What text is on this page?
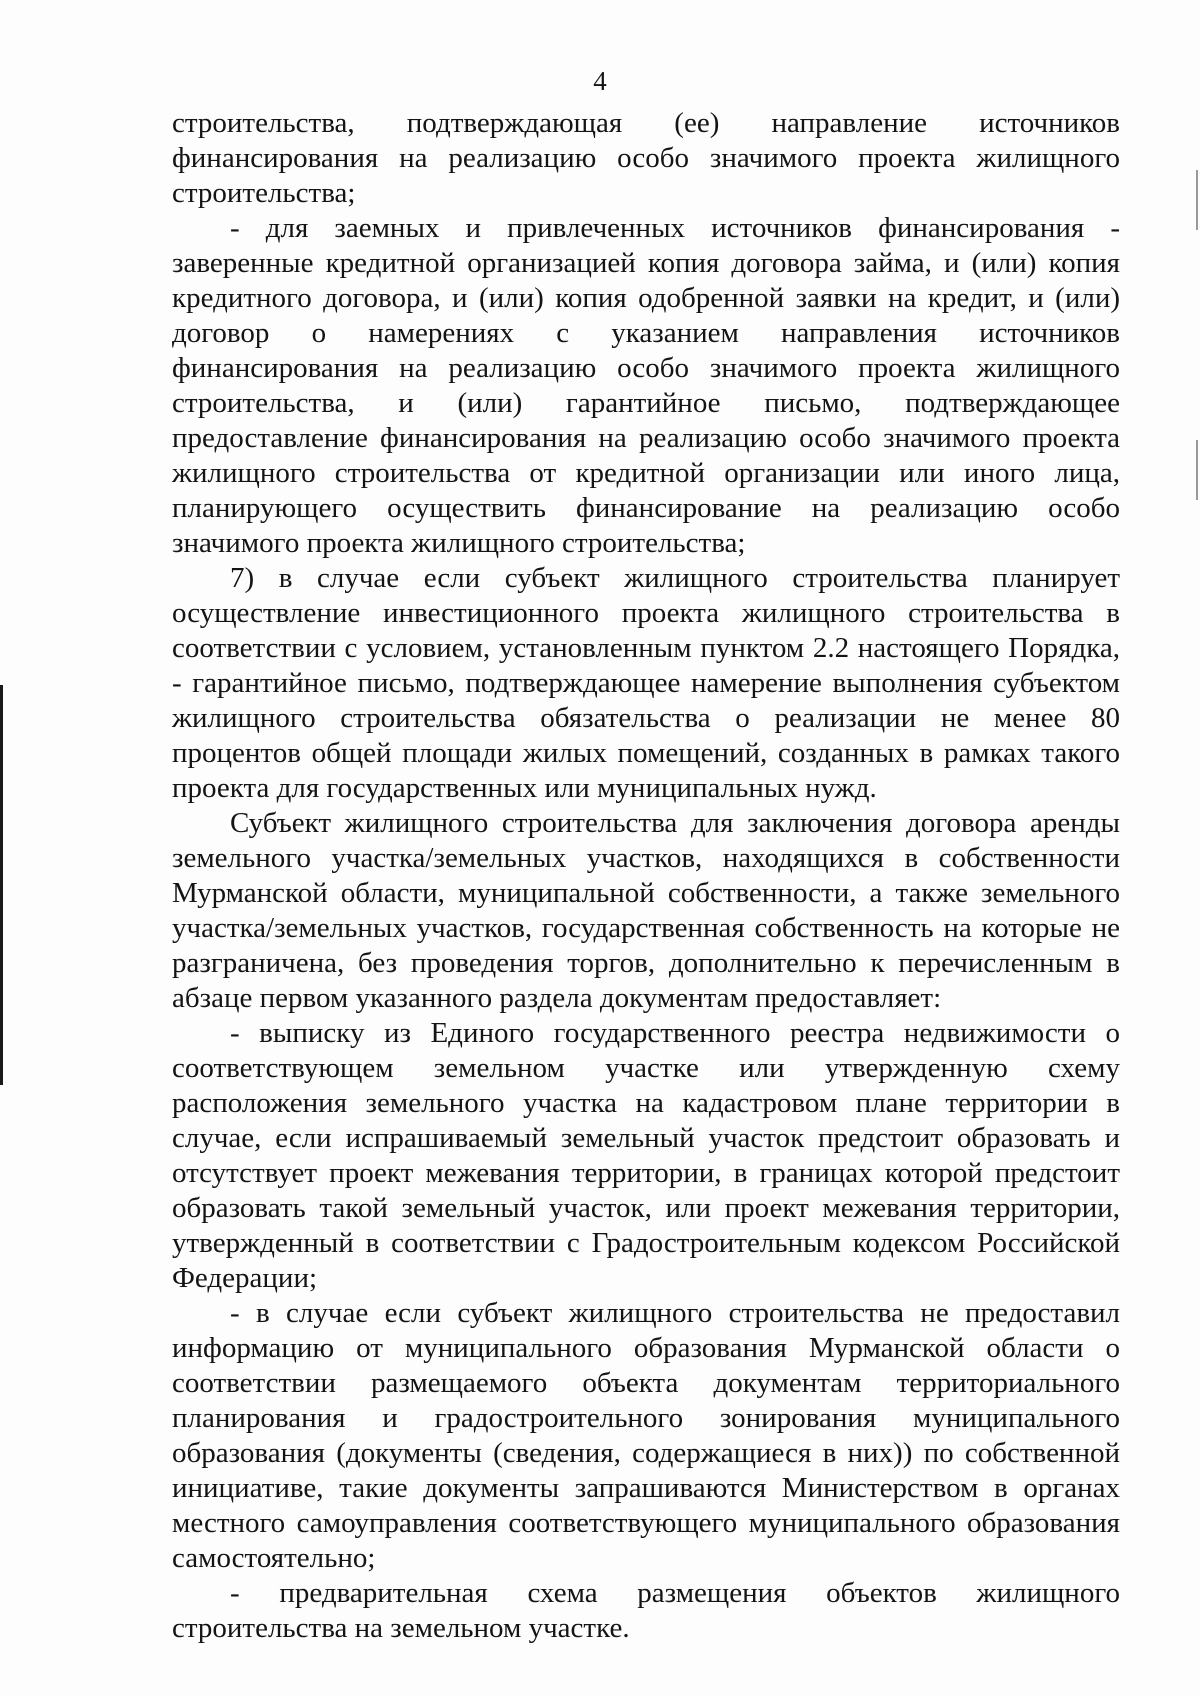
4

строительства, подтверждающая (ее) направление источников финансирования на реализацию особо значимого проекта жилищного строительства;

- для заемных и привлеченных источников финансирования - заверенные кредитной организацией копия договора займа, и (или) копия кредитного договора, и (или) копия одобренной заявки на кредит, и (или) договор о намерениях с указанием направления источников финансирования на реализацию особо значимого проекта жилищного строительства, и (или) гарантийное письмо, подтверждающее предоставление финансирования на реализацию особо значимого проекта жилищного строительства от кредитной организации или иного лица, планирующего осуществить финансирование на реализацию особо значимого проекта жилищного строительства;

7) в случае если субъект жилищного строительства планирует осуществление инвестиционного проекта жилищного строительства в соответствии с условием, установленным пунктом 2.2 настоящего Порядка, - гарантийное письмо, подтверждающее намерение выполнения субъектом жилищного строительства обязательства о реализации не менее 80 процентов общей площади жилых помещений, созданных в рамках такого проекта для государственных или муниципальных нужд.

Субъект жилищного строительства для заключения договора аренды земельного участка/земельных участков, находящихся в собственности Мурманской области, муниципальной собственности, а также земельного участка/земельных участков, государственная собственность на которые не разграничена, без проведения торгов, дополнительно к перечисленным в абзаце первом указанного раздела документам предоставляет:

- выписку из Единого государственного реестра недвижимости о соответствующем земельном участке или утвержденную схему расположения земельного участка на кадастровом плане территории в случае, если испрашиваемый земельный участок предстоит образовать и отсутствует проект межевания территории, в границах которой предстоит образовать такой земельный участок, или проект межевания территории, утвержденный в соответствии с Градостроительным кодексом Российской Федерации;

- в случае если субъект жилищного строительства не предоставил информацию от муниципального образования Мурманской области о соответствии размещаемого объекта документам территориального планирования и градостроительного зонирования муниципального образования (документы (сведения, содержащиеся в них)) по собственной инициативе, такие документы запрашиваются Министерством в органах местного самоуправления соответствующего муниципального образования самостоятельно;

- предварительная схема размещения объектов жилищного строительства на земельном участке.
